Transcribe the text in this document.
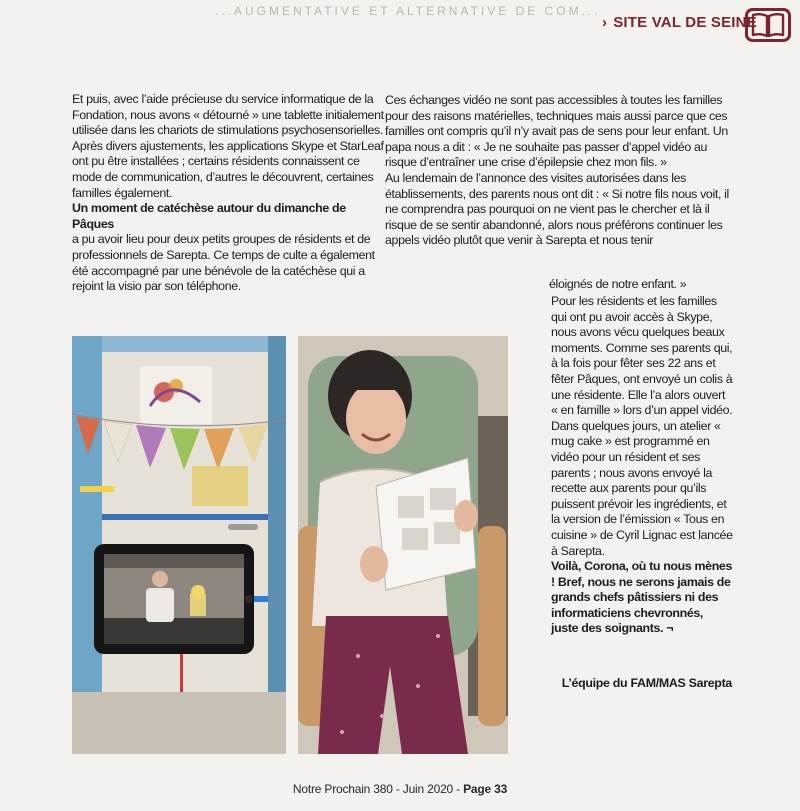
...AUGMENTATIVE ET ALTERNATIVE DE COM...
› SITE VAL DE SEINE

Et puis, avec l’aide précieuse du service informatique de la Fondation, nous avons « détourné » une tablette initialement utilisée dans les chariots de stimulations psychosensorielles. Après divers ajustements, les applications Skype et StarLeaf ont pu être installées ; certains résidents connaissent ce mode de communication, d’autres le découvrent, certaines familles également.

Un moment de catéchèse autour du dimanche de Pâques

a pu avoir lieu pour deux petits groupes de résidents et de professionnels de Sarepta. Ce temps de culte a également été accompagné par une bénévole de la catéchèse qui a rejoint la visio par son téléphone.

Ces échanges vidéo ne sont pas accessibles à toutes les familles pour des raisons matérielles, techniques mais aussi parce que ces familles ont compris qu’il n’y avait pas de sens pour leur enfant. Un papa nous a dit : « Je ne souhaite pas passer d’appel vidéo au risque d’entraîner une crise d’épilepsie chez mon fils. »

Au lendemain de l’annonce des visites autorisées dans les établissements, des parents nous ont dit : « Si notre fils nous voit, il ne comprendra pas pourquoi on ne vient pas le chercher et là il risque de se sentir abandonné, alors nous préférons continuer les appels vidéo plutôt que venir à Sarepta et nous tenir

éloignés de notre enfant. »

Pour les résidents et les familles qui ont pu avoir accès à Skype, nous avons vécu quelques beaux moments. Comme ses parents qui, à la fois pour fêter ses 22 ans et fêter Pâques, ont envoyé un colis à une résidente. Elle l’a alors ouvert « en famille » lors d’un appel vidéo. Dans quelques jours, un atelier « mug cake » est programmé en vidéo pour un résident et ses parents ; nous avons envoyé la recette aux parents pour qu’ils puissent prévoir les ingrédients, et la version de l’émission « Tous en cuisine » de Cyril Lignac est lancée à Sarepta.

Voilà, Corona, où tu nous mènes ! Bref, nous ne serons jamais de grands chefs pâtissiers ni des informaticiens chevronnés, juste des soignants. ¬

L’équipe du FAM/MAS Sarepta
Notre Prochain 380 - Juin 2020 - Page 33
